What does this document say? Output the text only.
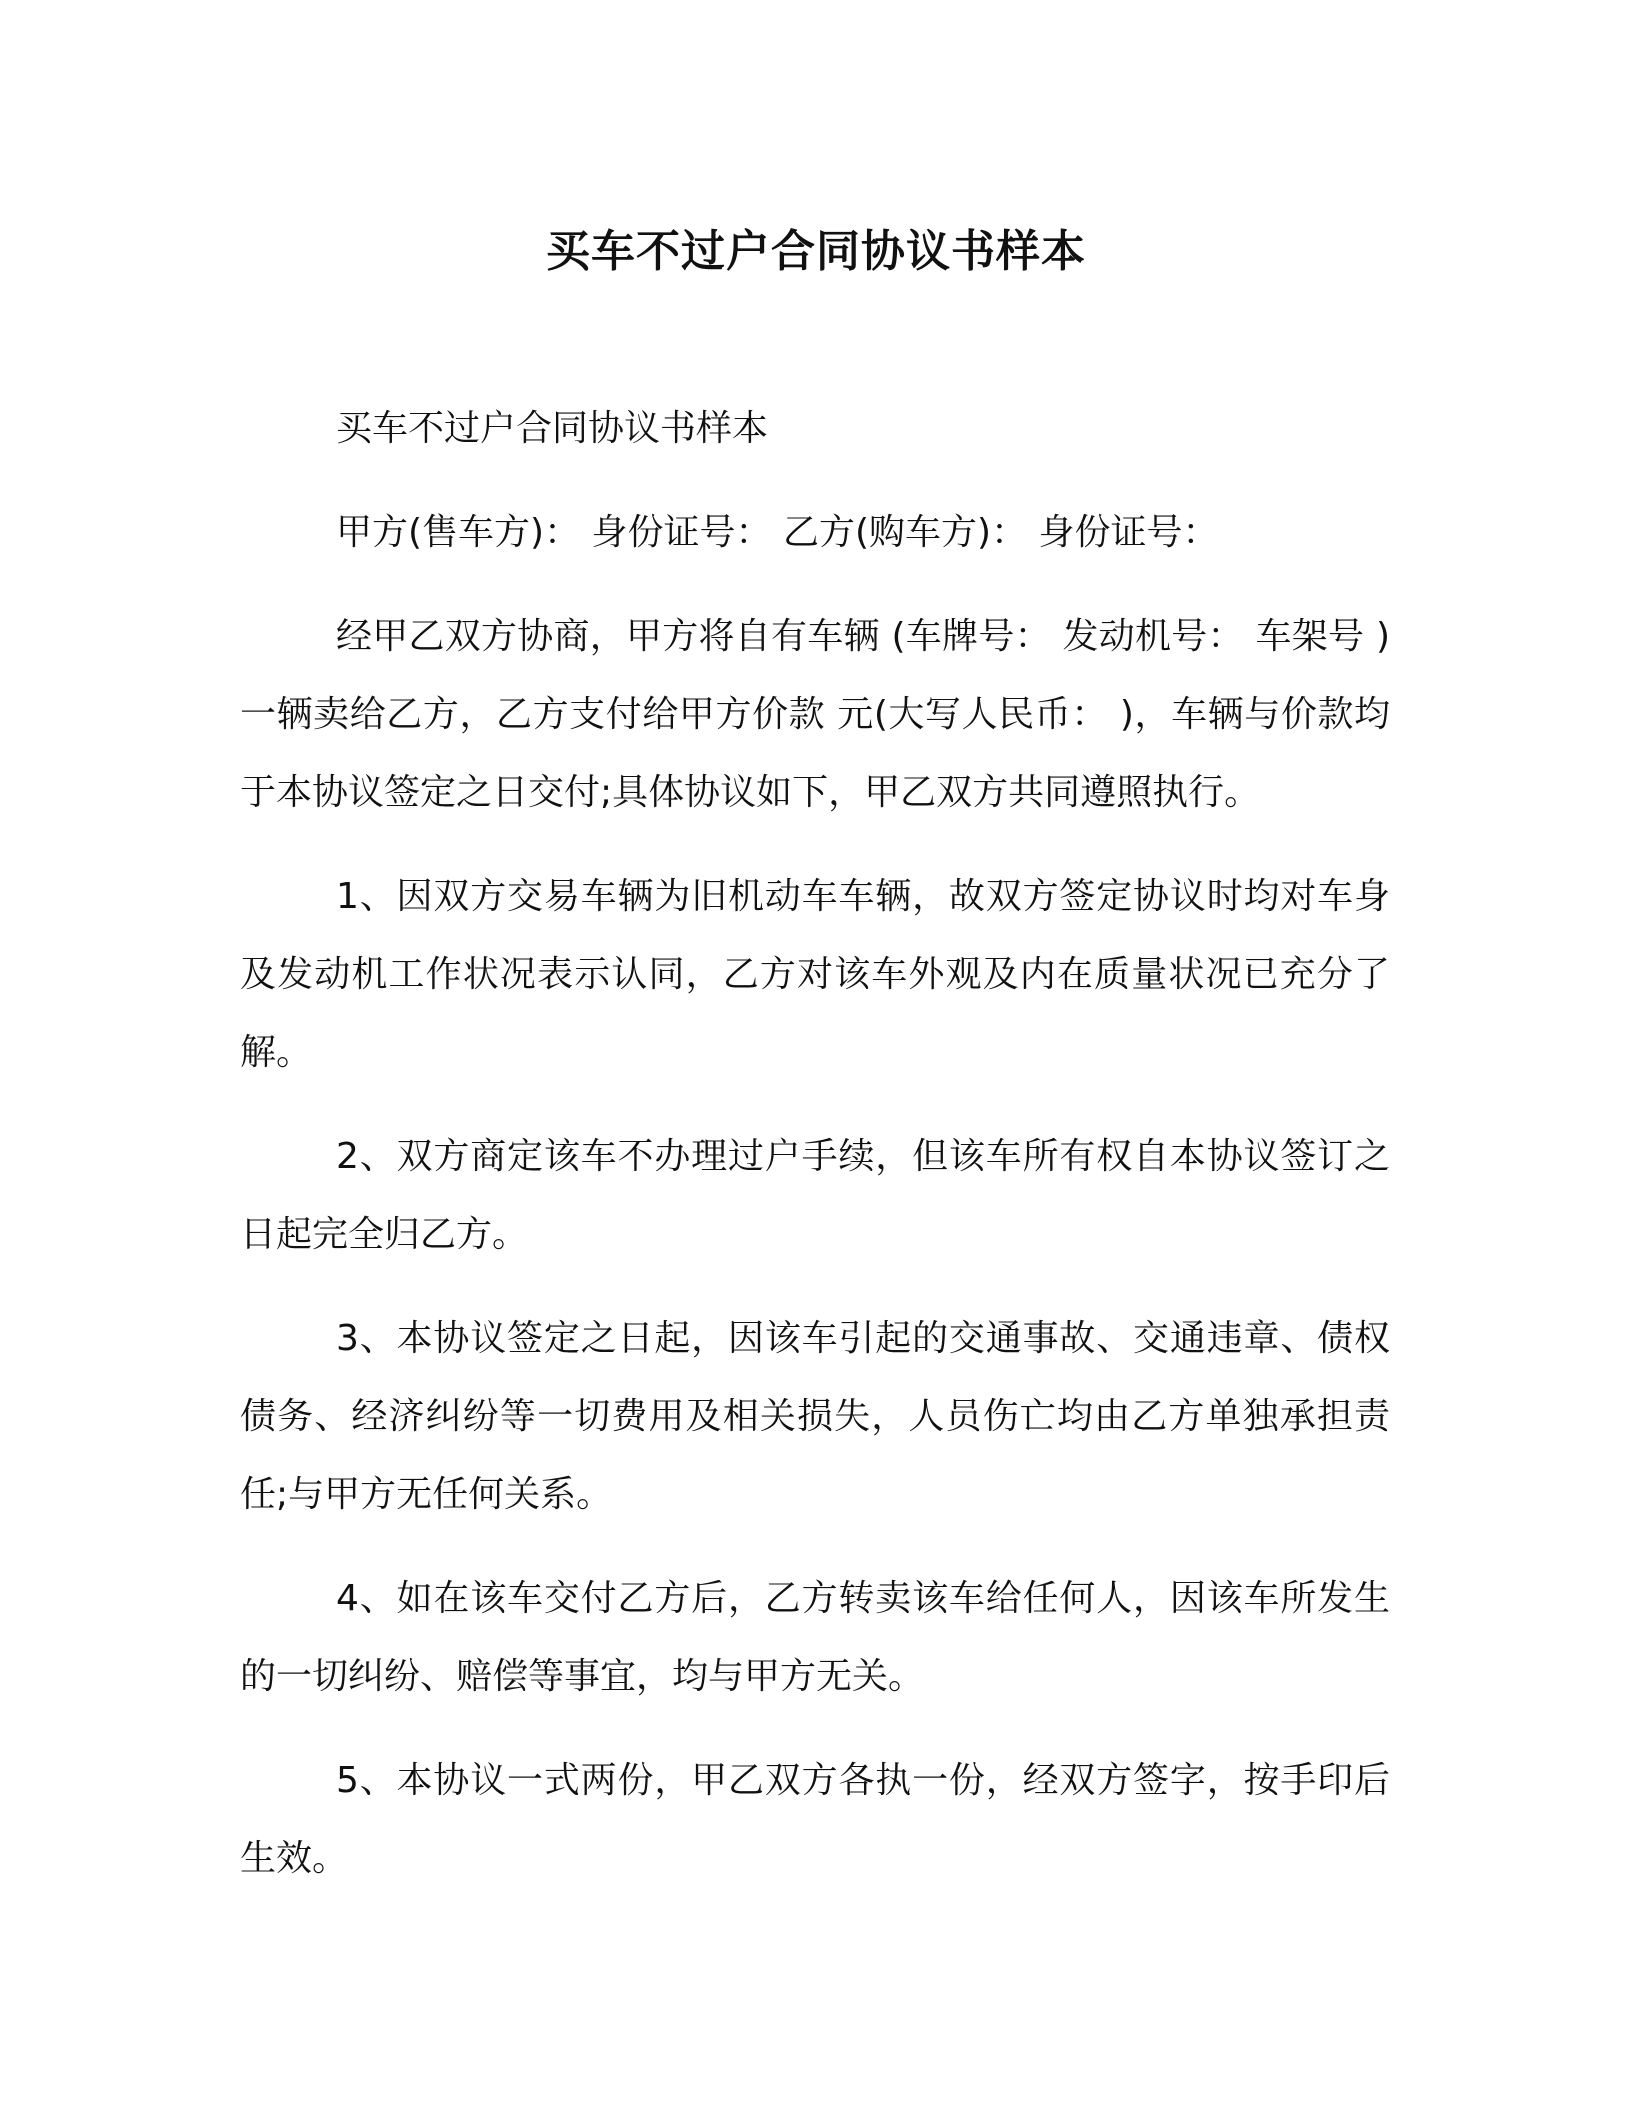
买车不过户合同协议书样本

买车不过户合同协议书样本

甲方(售车方)： 身份证号： 乙方(购车方)： 身份证号：

经甲乙双方协商，甲方将自有车辆 (车牌号： 发动机号： 车架号 ) 一辆卖给乙方，乙方支付给甲方价款 元(大写人民币： )，车辆与价款均于本协议签定之日交付;具体协议如下，甲乙双方共同遵照执行。

1、因双方交易车辆为旧机动车车辆，故双方签定协议时均对车身及发动机工作状况表示认同，乙方对该车外观及内在质量状况已充分了解。

2、双方商定该车不办理过户手续，但该车所有权自本协议签订之日起完全归乙方。

3、本协议签定之日起，因该车引起的交通事故、交通违章、债权债务、经济纠纷等一切费用及相关损失，人员伤亡均由乙方单独承担责任;与甲方无任何关系。

4、如在该车交付乙方后，乙方转卖该车给任何人，因该车所发生的一切纠纷、赔偿等事宜，均与甲方无关。

5、本协议一式两份，甲乙双方各执一份，经双方签字，按手印后生效。
